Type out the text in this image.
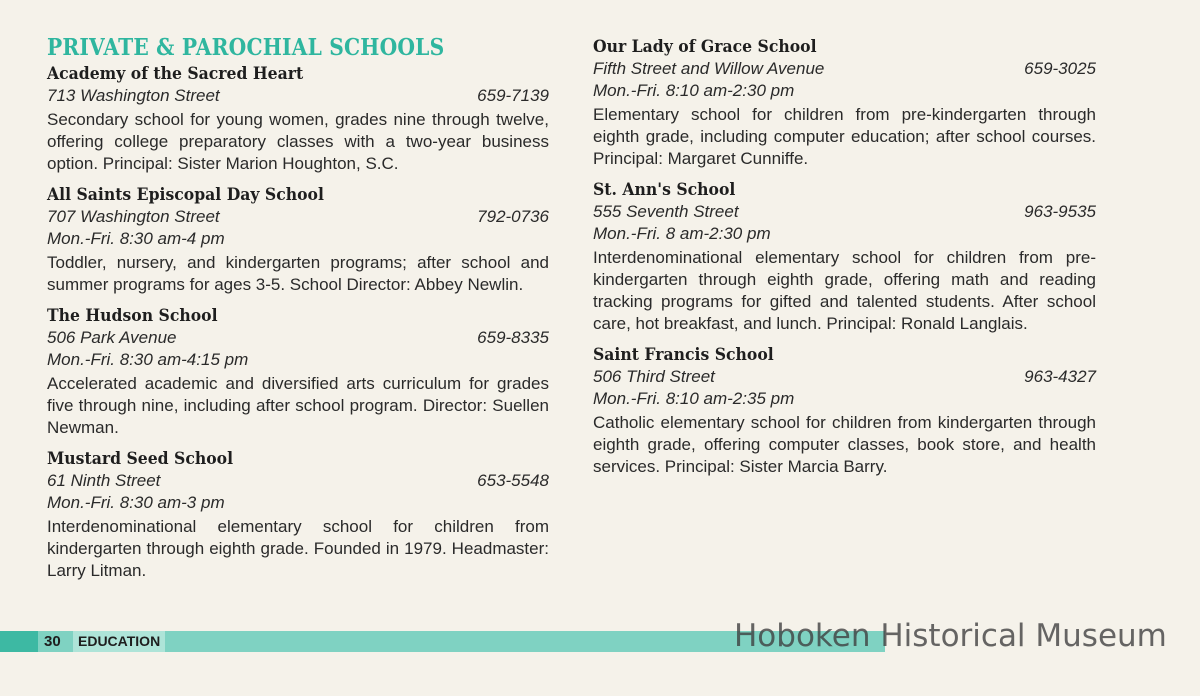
PRIVATE & PAROCHIAL SCHOOLS
Academy of the Sacred Heart
713 Washington Street	659-7139
Secondary school for young women, grades nine through twelve, offering college preparatory classes with a two-year business option. Principal: Sister Marion Houghton, S.C.
All Saints Episcopal Day School
707 Washington Street	792-0736
Mon.-Fri. 8:30 am-4 pm
Toddler, nursery, and kindergarten programs; after school and summer programs for ages 3-5. School Director: Abbey Newlin.
The Hudson School
506 Park Avenue	659-8335
Mon.-Fri. 8:30 am-4:15 pm
Accelerated academic and diversified arts curriculum for grades five through nine, including after school program. Director: Suellen Newman.
Mustard Seed School
61 Ninth Street	653-5548
Mon.-Fri. 8:30 am-3 pm
Interdenominational elementary school for children from kindergarten through eighth grade. Founded in 1979. Headmaster: Larry Litman.
Our Lady of Grace School
Fifth Street and Willow Avenue	659-3025
Mon.-Fri. 8:10 am-2:30 pm
Elementary school for children from pre-kindergarten through eighth grade, including computer education; after school courses. Principal: Margaret Cunniffe.
St. Ann's School
555 Seventh Street	963-9535
Mon.-Fri. 8 am-2:30 pm
Interdenominational elementary school for children from pre-kindergarten through eighth grade, offering math and reading tracking programs for gifted and talented students. After school care, hot breakfast, and lunch. Principal: Ronald Langlais.
Saint Francis School
506 Third Street	963-4327
Mon.-Fri. 8:10 am-2:35 pm
Catholic elementary school for children from kindergarten through eighth grade, offering computer classes, book store, and health services. Principal: Sister Marcia Barry.
30	EDUCATION	Hoboken Historical Museum
